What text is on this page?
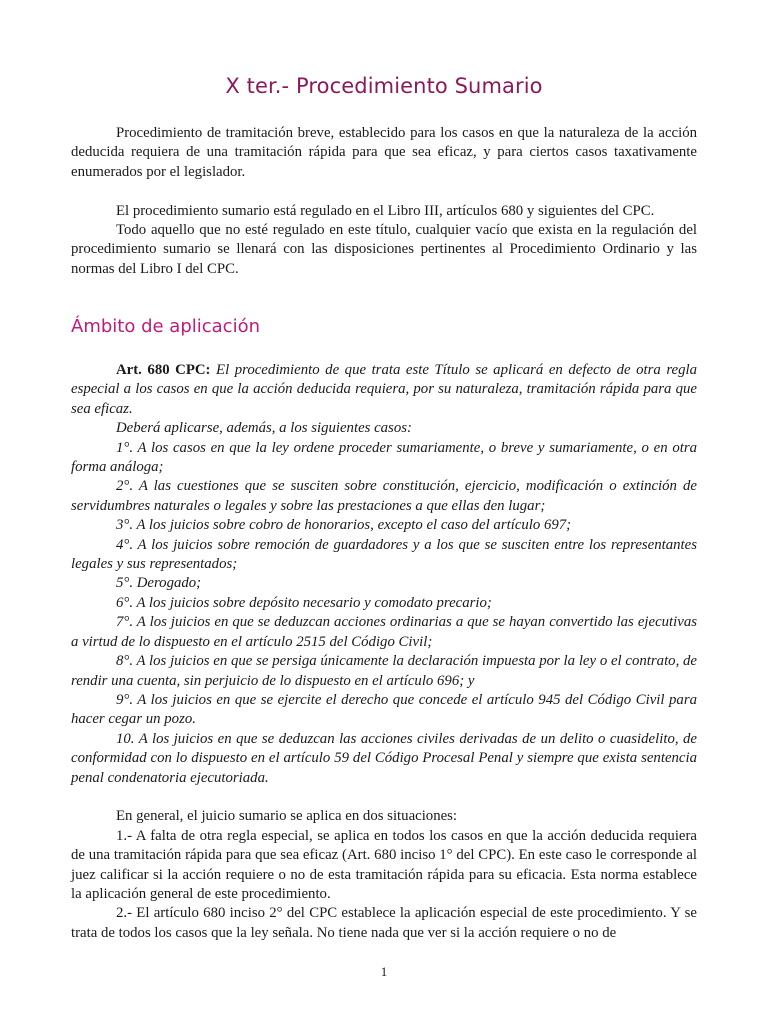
X ter.- Procedimiento Sumario

Procedimiento de tramitación breve, establecido para los casos en que la naturaleza de la acción deducida requiera de una tramitación rápida para que sea eficaz, y para ciertos casos taxativamente enumerados por el legislador.

El procedimiento sumario está regulado en el Libro III, artículos 680 y siguientes del CPC.

Todo aquello que no esté regulado en este título, cualquier vacío que exista en la regulación del procedimiento sumario se llenará con las disposiciones pertinentes al Procedimiento Ordinario y las normas del Libro I del CPC.

Ámbito de aplicación

Art. 680 CPC: El procedimiento de que trata este Título se aplicará en defecto de otra regla especial a los casos en que la acción deducida requiera, por su naturaleza, tramitación rápida para que sea eficaz.

Deberá aplicarse, además, a los siguientes casos:

1°. A los casos en que la ley ordene proceder sumariamente, o breve y sumariamente, o en otra forma análoga;

2°. A las cuestiones que se susciten sobre constitución, ejercicio, modificación o extinción de servidumbres naturales o legales y sobre las prestaciones a que ellas den lugar;

3°. A los juicios sobre cobro de honorarios, excepto el caso del artículo 697;

4°. A los juicios sobre remoción de guardadores y a los que se susciten entre los representantes legales y sus representados;

5°. Derogado;

6°. A los juicios sobre depósito necesario y comodato precario;

7°. A los juicios en que se deduzcan acciones ordinarias a que se hayan convertido las ejecutivas a virtud de lo dispuesto en el artículo 2515 del Código Civil;

8°. A los juicios en que se persiga únicamente la declaración impuesta por la ley o el contrato, de rendir una cuenta, sin perjuicio de lo dispuesto en el artículo 696; y

9°. A los juicios en que se ejercite el derecho que concede el artículo 945 del Código Civil para hacer cegar un pozo.

10. A los juicios en que se deduzcan las acciones civiles derivadas de un delito o cuasidelito, de conformidad con lo dispuesto en el artículo 59 del Código Procesal Penal y siempre que exista sentencia penal condenatoria ejecutoriada.

En general, el juicio sumario se aplica en dos situaciones:

1.- A falta de otra regla especial, se aplica en todos los casos en que la acción deducida requiera de una tramitación rápida para que sea eficaz (Art. 680 inciso 1° del CPC). En este caso le corresponde al juez calificar si la acción requiere o no de esta tramitación rápida para su eficacia. Esta norma establece la aplicación general de este procedimiento.

2.- El artículo 680 inciso 2° del CPC establece la aplicación especial de este procedimiento. Y se trata de todos los casos que la ley señala. No tiene nada que ver si la acción requiere o no de

1
